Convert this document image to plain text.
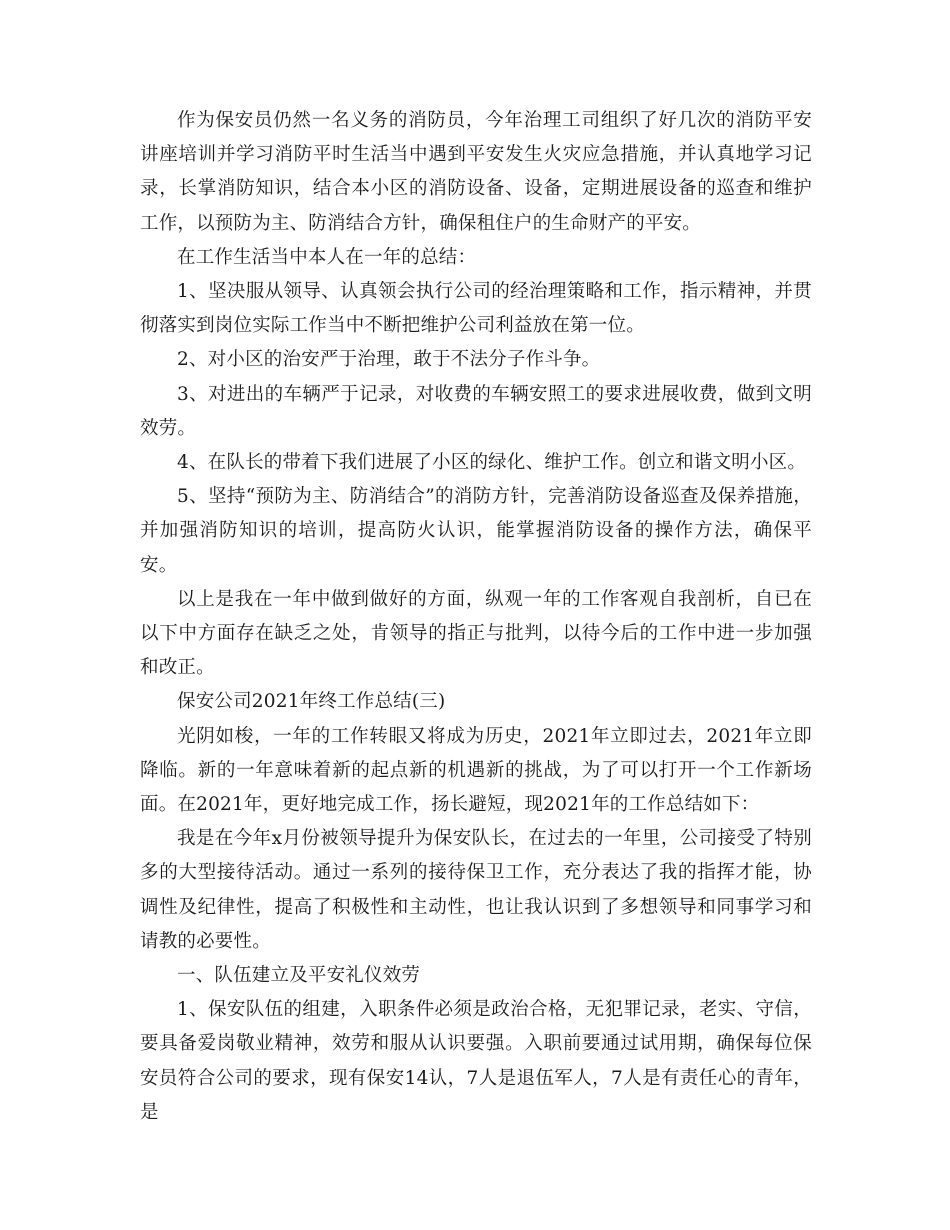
作为保安员仍然一名义务的消防员，今年治理工司组织了好几次的消防平安讲座培训并学习消防平时生活当中遇到平安发生火灾应急措施，并认真地学习记录，长掌消防知识，结合本小区的消防设备、设备，定期进展设备的巡查和维护工作，以预防为主、防消结合方针，确保租住户的生命财产的平安。

在工作生活当中本人在一年的总结：

1、坚决服从领导、认真领会执行公司的经治理策略和工作，指示精神，并贯彻落实到岗位实际工作当中不断把维护公司利益放在第一位。

2、对小区的治安严于治理，敢于不法分子作斗争。

3、对进出的车辆严于记录，对收费的车辆安照工的要求进展收费，做到文明效劳。

4、在队长的带着下我们进展了小区的绿化、维护工作。创立和谐文明小区。

5、坚持“预防为主、防消结合”的消防方针，完善消防设备巡查及保养措施，并加强消防知识的培训，提高防火认识，能掌握消防设备的操作方法，确保平安。

以上是我在一年中做到做好的方面，纵观一年的工作客观自我剖析，自已在以下中方面存在缺乏之处，肯领导的指正与批判，以待今后的工作中进一步加强和改正。

保安公司2021年终工作总结(三)

光阴如梭，一年的工作转眼又将成为历史，2021年立即过去，2021年立即降临。新的一年意味着新的起点新的机遇新的挑战，为了可以打开一个工作新场面。在2021年，更好地完成工作，扬长避短，现2021年的工作总结如下：

我是在今年x月份被领导提升为保安队长，在过去的一年里，公司接受了特别多的大型接待活动。通过一系列的接待保卫工作，充分表达了我的指挥才能，协调性及纪律性，提高了积极性和主动性，也让我认识到了多想领导和同事学习和请教的必要性。

一、队伍建立及平安礼仪效劳

1、保安队伍的组建，入职条件必须是政治合格，无犯罪记录，老实、守信，要具备爱岗敬业精神，效劳和服从认识要强。入职前要通过试用期，确保每位保安员符合公司的要求，现有保安14认，7人是退伍军人，7人是有责任心的青年，是
